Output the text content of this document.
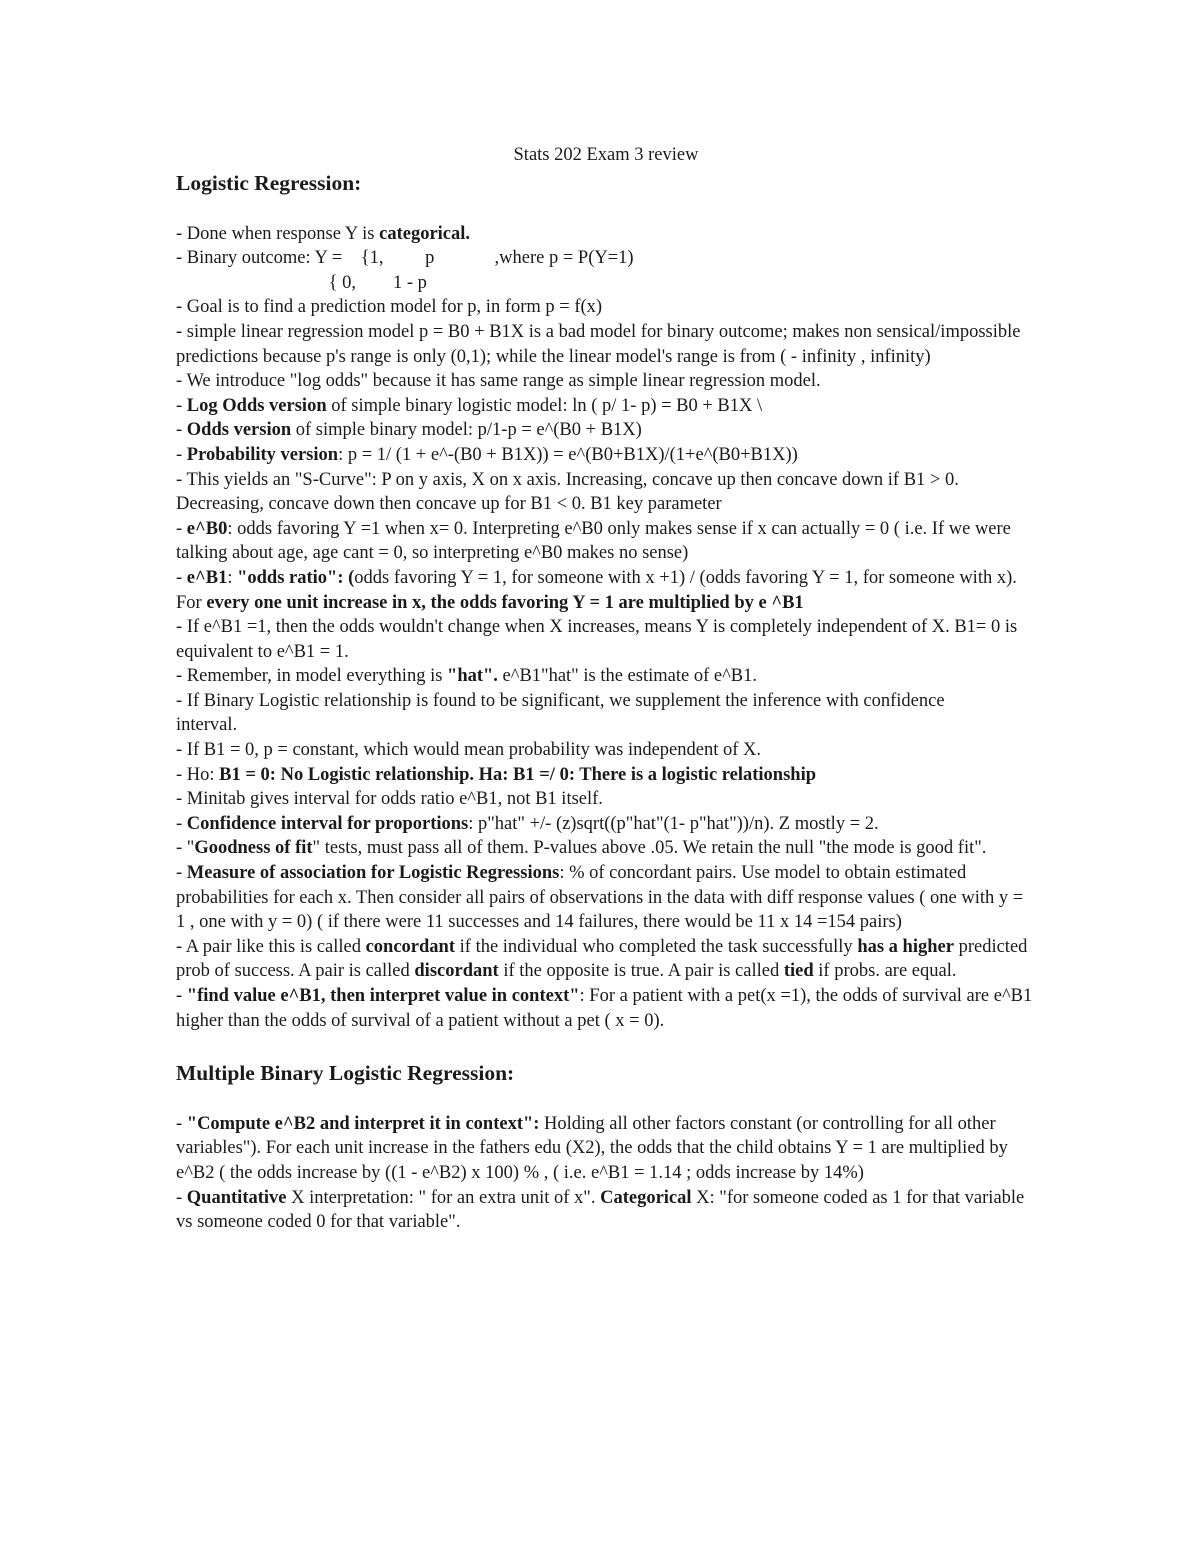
Stats 202 Exam 3 review
Logistic Regression:

- Done when response Y is categorical.

- Binary outcome: Y =    {1,         p             ,where p = P(Y=1)

{ 0,        1 - p

- Goal is to find a prediction model for p, in form p = f(x)

- simple linear regression model p = B0 + B1X is a bad model for binary outcome; makes non sensical/impossible predictions because p's range is only (0,1); while the linear model's range is from ( - infinity , infinity)

- We introduce "log odds" because it has same range as simple linear regression model.

- Log Odds version of simple binary logistic model: ln ( p/ 1- p) = B0 + B1X \

- Odds version of simple binary model: p/1-p = e^(B0 + B1X)

- Probability version: p = 1/ (1 + e^-(B0 + B1X)) = e^(B0+B1X)/(1+e^(B0+B1X))

- This yields an "S-Curve": P on y axis, X on x axis. Increasing, concave up then concave down if B1 > 0. Decreasing, concave down then concave up for B1 < 0. B1 key parameter

- e^B0: odds favoring Y =1 when x= 0. Interpreting e^B0 only makes sense if x can actually = 0 ( i.e. If we were talking about age, age cant = 0, so interpreting e^B0 makes no sense)

- e^B1: "odds ratio": (odds favoring Y = 1, for someone with x +1) / (odds favoring Y = 1, for someone with x). For every one unit increase in x, the odds favoring Y = 1 are multiplied by e ^B1

- If e^B1 =1, then the odds wouldn't change when X increases, means Y is completely independent of X. B1= 0 is equivalent to e^B1 = 1.

- Remember, in model everything is "hat". e^B1"hat" is the estimate of e^B1.

- If Binary Logistic relationship is found to be significant, we supplement the inference with confidence

interval.

- If B1 = 0, p = constant, which would mean probability was independent of X.

- Ho: B1 = 0: No Logistic relationship. Ha: B1 =/ 0: There is a logistic relationship

- Minitab gives interval for odds ratio e^B1, not B1 itself.

- Confidence interval for proportions: p"hat" +/- (z)sqrt((p"hat"(1- p"hat"))/n). Z mostly = 2.

- "Goodness of fit" tests, must pass all of them. P-values above .05. We retain the null "the mode is good fit".

- Measure of association for Logistic Regressions: % of concordant pairs. Use model to obtain estimated probabilities for each x. Then consider all pairs of observations in the data with diff response values ( one with y = 1 , one with y = 0) ( if there were 11 successes and 14 failures, there would be 11 x 14 =154 pairs)

- A pair like this is called concordant if the individual who completed the task successfully has a higher predicted prob of success. A pair is called discordant if the opposite is true. A pair is called tied if probs. are equal.

- "find value e^B1, then interpret value in context": For a patient with a pet(x =1), the odds of survival are e^B1 higher than the odds of survival of a patient without a pet ( x = 0).

Multiple Binary Logistic Regression:

- "Compute e^B2 and interpret it in context": Holding all other factors constant (or controlling for all other variables"). For each unit increase in the fathers edu (X2), the odds that the child obtains Y = 1 are multiplied by e^B2 ( the odds increase by ((1 - e^B2) x 100) % , ( i.e. e^B1 = 1.14 ; odds increase by 14%)

- Quantitative X interpretation: " for an extra unit of x". Categorical X: "for someone coded as 1 for that variable vs someone coded 0 for that variable".
